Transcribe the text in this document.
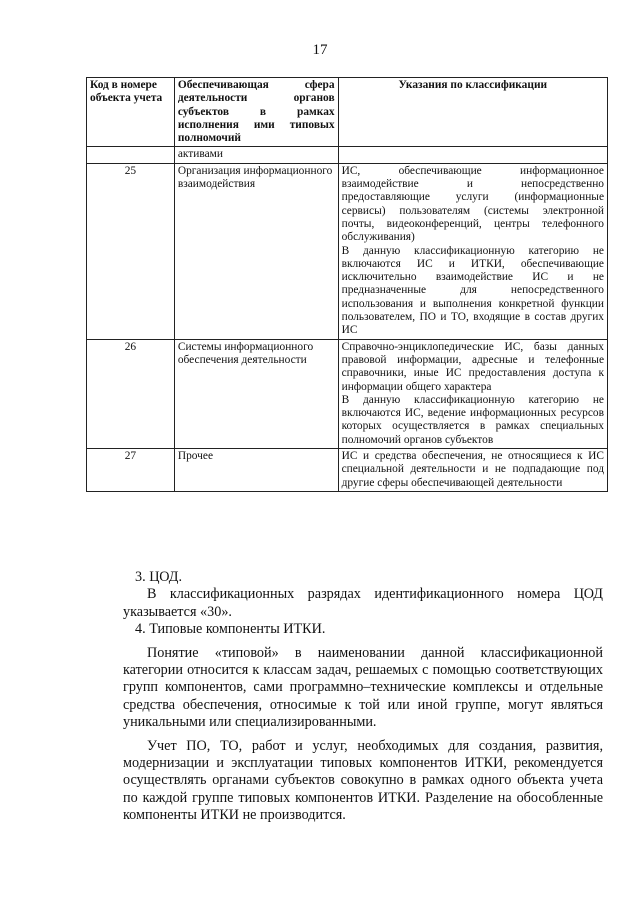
17
Код в номере объекта учета	Обеспечивающая сфера деятельности органов субъектов в рамках исполнения ими типовых полномочий	Указания по классификации
	активами	
25	Организация информационного взаимодействия	ИС, обеспечивающие информационное взаимодействие и непосредственно предоставляющие услуги (информационные сервисы) пользователям (системы электронной почты, видеоконференций, центры телефонного обслуживания)

В данную классификационную категорию не включаются ИС и ИТКИ, обеспечивающие исключительно взаимодействие ИС и не предназначенные для непосредственного использования и выполнения конкретной функции пользователем, ПО и ТО, входящие в состав других ИС

26	Системы информационного обеспечения деятельности	Справочно-энциклопедические ИС, базы данных правовой информации, адресные и телефонные справочники, иные ИС предоставления доступа к информации общего характера

В данную классификационную категорию не включаются ИС, ведение информационных ресурсов которых осуществляется в рамках специальных полномочий органов субъектов

27	Прочее	ИС и средства обеспечения, не относящиеся к ИС специальной деятельности и не подпадающие под другие сферы обеспечивающей деятельности

3. ЦОД.

В классификационных разрядах идентификационного номера ЦОД указывается «30».

4. Типовые компоненты ИТКИ.

Понятие «типовой» в наименовании данной классификационной категории относится к классам задач, решаемых с помощью соответствующих групп компонентов, сами программно–технические комплексы и отдельные средства обеспечения, относимые к той или иной группе, могут являться уникальными или специализированными.

Учет ПО, ТО, работ и услуг, необходимых для создания, развития, модернизации и эксплуатации типовых компонентов ИТКИ, рекомендуется осуществлять органами субъектов совокупно в рамках одного объекта учета по каждой группе типовых компонентов ИТКИ. Разделение на обособленные компоненты ИТКИ не производится.
